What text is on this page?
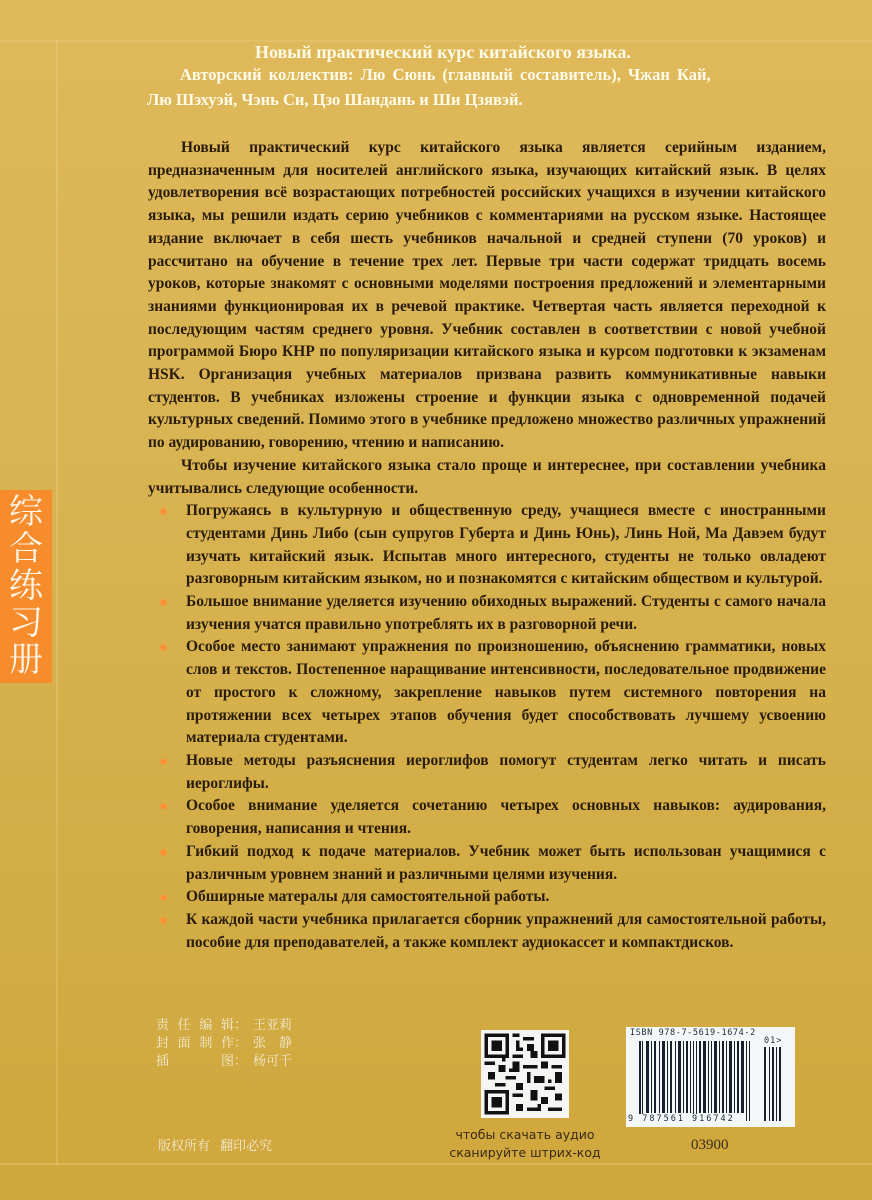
Новый практический курс китайского языка.
Авторский коллектив: Лю Сюнь (главный составитель), Чжан Кай,
Лю Шэхуэй, Чэнь Си, Цзо Шандань и Ши Цзявэй.
综
合
练
习
册

Новый практический курс китайского языка является серийным изданием, предназначенным для носителей английского языка, изучающих китайский язык. В целях удовлетворения всё возрастающих потребностей российских учащихся в изучении китайского языка, мы решили издать серию учебников с комментариями на русском языке. Настоящее издание включает в себя шесть учебников начальной и средней ступени (70 уроков) и рассчитано на обучение в течение трех лет. Первые три части содержат тридцать восемь уроков, которые знакомят с основными моделями построения предложений и элементарными знаниями функционировая их в речевой практике. Четвертая часть является переходной к последующим частям среднего уровня. Учебник составлен в соответствии с новой учебной программой Бюро КНР по популяризации китайского языка и курсом подготовки к экзаменам HSK. Организация учебных материалов призвана развить коммуникативные навыки студентов. В учебниках изложены строение и функции языка с одновременной подачей культурных сведений. Помимо этого в учебнике предложено множество различных упражнений по аудированию, говорению, чтению и написанию.

Чтобы изучение китайского языка стало проще и интереснее, при составлении учебника учитывались следующие особенности.

Погружаясь в культурную и общественную среду, учащиеся вместе с иностранными студентами Динь Либо (сын супругов Губерта и Динь Юнь), Линь Ной, Ма Давэем будут изучать китайский язык. Испытав много интересного, студенты не только овладеют разговорным китайским языком, но и познакомятся с китайским обществом и культурой.
Большое внимание уделяется изучению обиходных выражений. Студенты с самого начала изучения учатся правильно употреблять их в разговорной речи.
Особое место занимают упражнения по произношению, объяснению грамматики, новых слов и текстов. Постепенное наращивание интенсивности, последовательное продвижение от простого к сложному, закрепление навыков путем системного повторения на протяжении всех четырех этапов обучения будет способствовать лучшему усвоению материала студентами.
Новые методы разъяснения иероглифов помогут студентам легко читать и писать иероглифы.
Особое внимание уделяется сочетанию четырех основных навыков: аудирования, говорения, написания и чтения.
Гибкий подход к подаче материалов. Учебник может быть использован учащимися с различным уровнем знаний и различными целями изучения.
Обширные матерaлы для самостоятельной работы.
К каждой части учебника прилагается сборник упражнений для самостоятельной работы, пособие для преподавателей, а также комплект аудиокассет и компактдисков.
责 任 编 辑 ： 王亚莉
封 面 制 作 ： 张　静
插	图 ： 杨可千
版权所有 翻印必究
чтобы скачать аудио
сканируйте штрих-код
ISBN 978-7-5619-1674-2
01>
9 787561 916742
03900
